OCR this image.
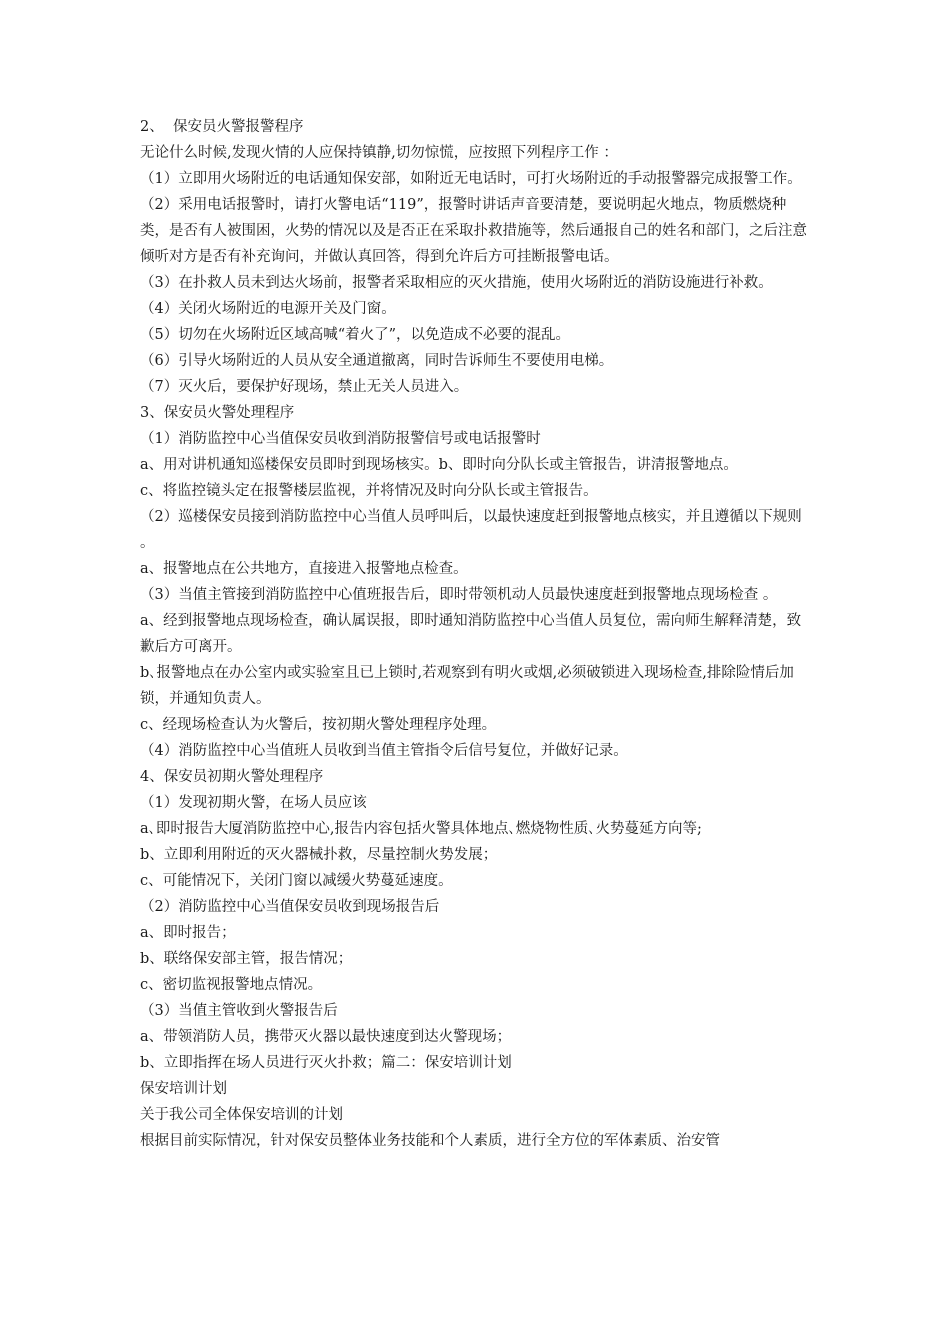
2、  保安员火警报警程序

无论什么时候,发现火情的人应保持镇静,切勿惊慌，应按照下列程序工作 ：

（1）立即用火场附近的电话通知保安部，如附近无电话时，可打火场附近的手动报警器完成报警工作。

（2）采用电话报警时，请打火警电话“119”，报警时讲话声音要清楚，要说明起火地点，物质燃烧种类，是否有人被围困，火势的情况以及是否正在采取扑救措施等，然后通报自己的姓名和部门，之后注意倾听对方是否有补充询问，并做认真回答，得到允许后方可挂断报警电话。

（3）在扑救人员未到达火场前，报警者采取相应的灭火措施，使用火场附近的消防设施进行补救。

（4）关闭火场附近的电源开关及门窗。

（5）切勿在火场附近区域高喊“着火了”，以免造成不必要的混乱。

（6）引导火场附近的人员从安全通道撤离，同时告诉师生不要使用电梯。

（7）灭火后，要保护好现场，禁止无关人员进入。

3、保安员火警处理程序

（1）消防监控中心当值保安员收到消防报警信号或电话报警时

a、用对讲机通知巡楼保安员即时到现场核实。b、即时向分队长或主管报告，讲清报警地点。

c、将监控镜头定在报警楼层监视，并将情况及时向分队长或主管报告。

（2）巡楼保安员接到消防监控中心当值人员呼叫后，以最快速度赶到报警地点核实，并且遵循以下规则 。

a、报警地点在公共地方，直接进入报警地点检查。

（3）当值主管接到消防监控中心值班报告后，即时带领机动人员最快速度赶到报警地点现场检查 。

a、经到报警地点现场检查，确认属误报，即时通知消防监控中心当值人员复位，需向师生解释清楚，致歉后方可离开。

b､报警地点在办公室内或实验室且已上锁时,若观察到有明火或烟,必须破锁进入现场检查,排除险情后加锁，并通知负责人。

c、经现场检查认为火警后，按初期火警处理程序处理。

（4）消防监控中心当值班人员收到当值主管指令后信号复位，并做好记录。

4、保安员初期火警处理程序

（1）发现初期火警，在场人员应该

a､即时报告大厦消防监控中心,报告内容包括火警具体地点､燃烧物性质､火势蔓延方向等;

b、立即利用附近的灭火器械扑救，尽量控制火势发展；

c、可能情况下，关闭门窗以减缓火势蔓延速度。

（2）消防监控中心当值保安员收到现场报告后

a、即时报告；

b、联络保安部主管，报告情况；

c、密切监视报警地点情况。

（3）当值主管收到火警报告后

a、带领消防人员，携带灭火器以最快速度到达火警现场；

b、立即指挥在场人员进行灭火扑救；篇二：保安培训计划

保安培训计划

关于我公司全体保安培训的计划

根据目前实际情况，针对保安员整体业务技能和个人素质，进行全方位的军体素质、治安管
